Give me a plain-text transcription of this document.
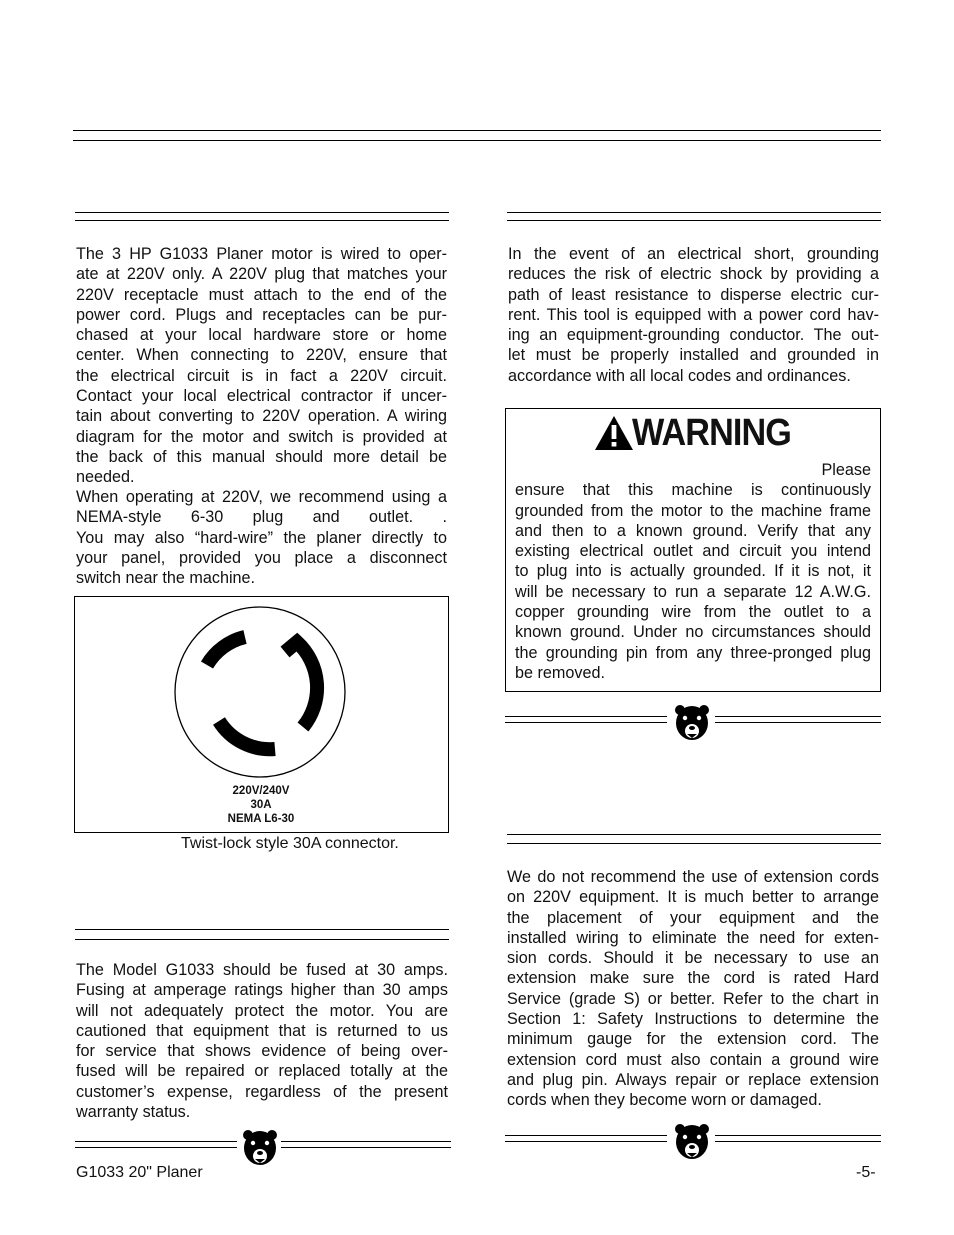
The 3 HP G1033 Planer motor is wired to oper-
ate at 220V only. A 220V plug that matches your
220V receptacle must attach to the end of the
power cord. Plugs and receptacles can be pur-
chased at your local hardware store or home
center. When connecting to 220V, ensure that
the electrical circuit is in fact a 220V circuit.
Contact your local electrical contractor if uncer-
tain about converting to 220V operation. A wiring
diagram for the motor and switch is provided at
the back of this manual should more detail be
needed.
When operating at 220V, we recommend using a
NEMA-style 6-30 plug and outlet. .
You may also “hard-wire” the planer directly to
your panel, provided you place a disconnect
switch near the machine.
220V/240V
30A
NEMA L6-30
Twist-lock style 30A connector.
The Model G1033 should be fused at 30 amps.
Fusing at amperage ratings higher than 30 amps
will not adequately protect the motor. You are
cautioned that equipment that is returned to us
for service that shows evidence of being over-
fused will be repaired or replaced totally at the
customer’s expense, regardless of the present
warranty status.
In the event of an electrical short, grounding
reduces the risk of electric shock by providing a
path of least resistance to disperse electric cur-
rent. This tool is equipped with a power cord hav-
ing an equipment-grounding conductor. The out-
let must be properly installed and grounded in
accordance with all local codes and ordinances.
WARNING
Please
ensure that this machine is continuously
grounded from the motor to the machine frame
and then to a known ground. Verify that any
existing electrical outlet and circuit you intend
to plug into is actually grounded. If it is not, it
will be necessary to run a separate 12 A.W.G.
copper grounding wire from the outlet to a
known ground. Under no circumstances should
the grounding pin from any three-pronged plug
be removed.
We do not recommend the use of extension cords
on 220V equipment. It is much better to arrange
the placement of your equipment and the
installed wiring to eliminate the need for exten-
sion cords. Should it be necessary to use an
extension make sure the cord is rated Hard
Service (grade S) or better. Refer to the chart in
Section 1: Safety Instructions to determine the
minimum gauge for the extension cord. The
extension cord must also contain a ground wire
and plug pin. Always repair or replace extension
cords when they become worn or damaged.
G1033 20" Planer	-5-
